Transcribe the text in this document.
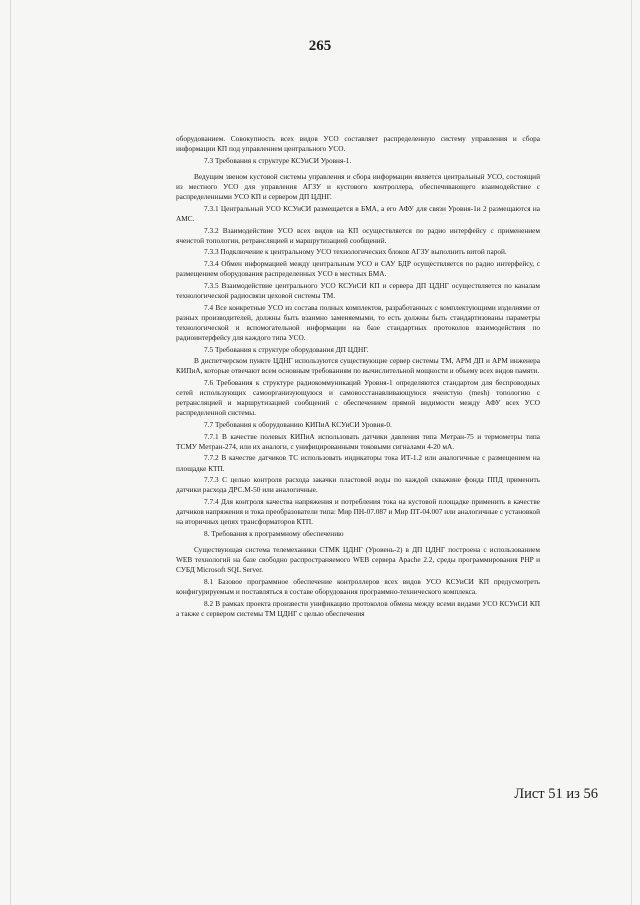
265

оборудованием. Совокупность всех видов УСО составляет распределенную систему управления и сбора информации КП под управлением центрального УСО.

7.3 Требования к структуре КСУиСИ Уровня-1.

Ведущим звеном кустовой системы управления и сбора информации является центральный УСО, состоящий из местного УСО для управления АГЗУ и кустового контроллера, обеспечивающего взаимодействие с распределенными УСО КП и сервером ДП ЦДНГ.

7.3.1 Центральный УСО КСУиСИ размещается в БМА, а его АФУ для связи Уровня-1и 2 размещаются на АМС.

7.3.2 Взаимодействие УСО всех видов на КП осуществляется по радио интерфейсу с применением ячеистой топологии, ретрансляцией и маршрутизацией сообщений.

7.3.3 Подключение к центральному УСО технологических блоков АГЗУ выполнить витой парой.

7.3.4 Обмен информацией между центральным УСО и САУ БДР осуществляется по радио интерфейсу, с размещением оборудования распределенных УСО в местных БМА.

7.3.5 Взаимодействие центрального УСО КСУиСИ КП и сервера ДП ЦДНГ осуществляется по каналам технологической радиосвязи цеховой системы ТМ.

7.4 Все конкретные УСО из состава полных комплектов, разработанных с комплектующими изделиями от разных производителей, должны быть взаимно заменяемыми, то есть должны быть стандартизованы параметры технологической и вспомогательной информации на базе стандартных протоколов взаимодействия по радиоинтерфейсу для каждого типа УСО.

7.5 Требования к структуре оборудования ДП ЦДНГ.

В диспетчерском пункте ЦДНГ используются существующие сервер системы ТМ, АРМ ДП и АРМ инженера КИПиА, которые отвечают всем основным требованиям по вычислительной мощности и объему всех видов памяти.

7.6 Требования к структуре радиокоммуникаций Уровня-1 определяются стандартом для беспроводных сетей использующих самоорганизующуюся и самовосстанавливающуюся ячеистую (mesh) топологию с ретрансляцией и маршрутизацией сообщений с обеспечением прямой видимости между АФУ всех УСО распределенной системы.

7.7 Требования к оборудованию КИПиА КСУиСИ Уровня-0.

7.7.1 В качестве полевых КИПиА использовать датчики давления типа Метран-75 и термометры типа ТСМУ Метран-274, или их аналоги, с унифицированными токовыми сигналами 4-20 мА.

7.7.2 В качестве датчиков ТС использовать индикаторы тока ИТ-1.2 или аналогичные с размещением на площадке КТП.

7.7.3 С целью контроля расхода закачки пластовой воды по каждой скважине фонда ППД применить датчики расхода ДРС.М-50 или аналогичные.

7.7.4 Для контроля качества напряжения и потребления тока на кустовой площадке применить в качестве датчиков напряжения и тока преобразователи типа: Мир ПН-07.087 и Мир ПТ-04.007 или аналогичные с установкой на вторичных цепях трансформаторов КТП.

8. Требования к программному обеспечению

Существующая система телемеханики СТМК ЦДНГ (Уровень-2) в ДП ЦДНГ построена с использованием WEB технологий на базе свободно распространяемого WEB сервера Apache 2.2, среды программирования PHP и СУБД Microsoft SQL Server.

8.1 Базовое программное обеспечение контроллеров всех видов УСО КСУиСИ КП предусмотреть конфигурируемым и поставляться в составе оборудования программно-технического комплекса.

8.2 В рамках проекта произвести унификацию протоколов обмена между всеми видами УСО КСУиСИ КП а также с сервером системы ТМ ЦДНГ с целью обеспечения

Лист 51 из 56
